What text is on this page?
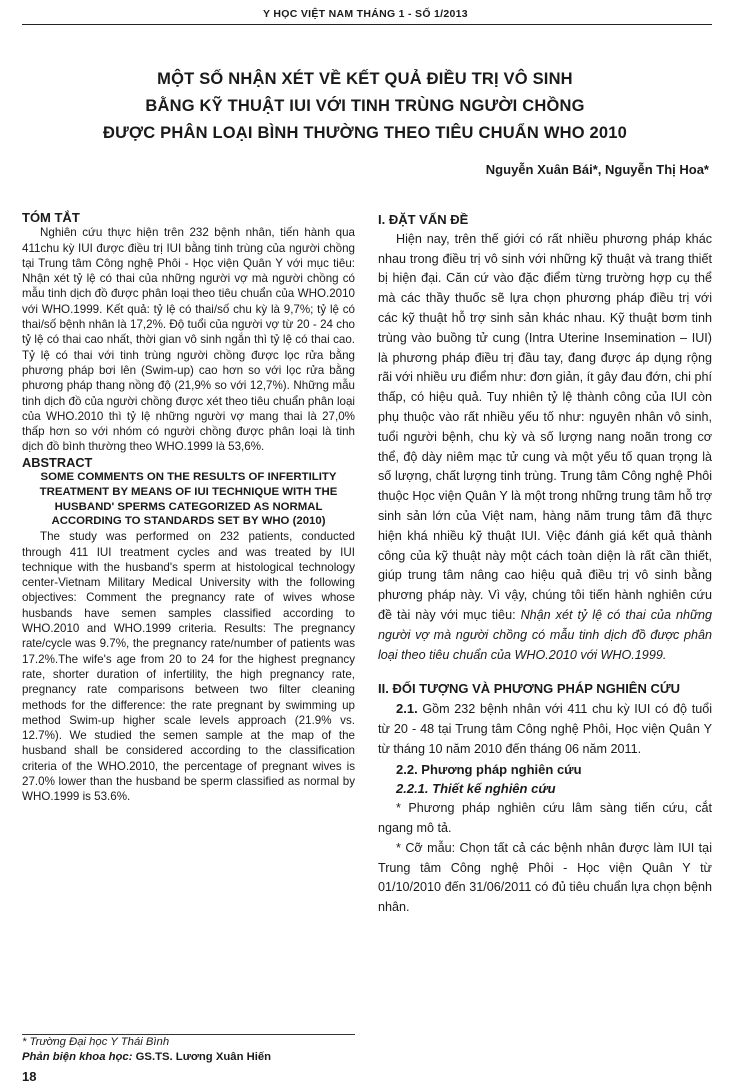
Y HỌC VIỆT NAM THÁNG 1 - SỐ 1/2013
MỘT SỐ NHẬN XÉT VỀ KẾT QUẢ ĐIỀU TRỊ VÔ SINH
BẰNG KỸ THUẬT IUI VỚI TINH TRÙNG NGƯỜI CHỒNG
ĐƯỢC PHÂN LOẠI BÌNH THƯỜNG THEO TIÊU CHUẨN WHO 2010
Nguyễn Xuân Bái*, Nguyễn Thị Hoa*

TÓM TẮT

Nghiên cứu thực hiện trên 232 bệnh nhân, tiến hành qua 411chu kỳ IUI được điều trị IUI bằng tinh trùng của người chồng tại Trung tâm Công nghệ Phôi - Học viện Quân Y với mục tiêu: Nhận xét tỷ lệ có thai của những người vợ mà người chồng có mẫu tinh dịch đồ được phân loại theo tiêu chuẩn của WHO.2010 với WHO.1999. Kết quả: tỷ lệ có thai/số chu kỳ là 9,7%; tỷ lệ có thai/số bệnh nhân là 17,2%. Độ tuổi của người vợ từ 20 - 24 cho tỷ lệ có thai cao nhất, thời gian vô sinh ngắn thì tỷ lệ có thai cao. Tỷ lệ có thai với tinh trùng người chồng được lọc rửa bằng phương pháp bơi lên (Swim-up) cao hơn so với lọc rửa bằng phương pháp thang nồng độ (21,9% so với 12,7%). Những mẫu tinh dịch đồ của người chồng được xét theo tiêu chuẩn phân loại của WHO.2010 thì tỷ lệ những người vợ mang thai là 27,0% thấp hơn so với nhóm có người chồng được phân loại là tinh dịch đồ bình thường theo WHO.1999 là 53,6%.

ABSTRACT

SOME COMMENTS ON THE RESULTS OF INFERTILITY TREATMENT BY MEANS OF IUI TECHNIQUE WITH THE HUSBAND' SPERMS CATEGORIZED AS NORMAL ACCORDING TO STANDARDS SET BY WHO (2010)

The study was performed on 232 patients, conducted through 411 IUI treatment cycles and was treated by IUI technique with the husband's sperm at histological technology center-Vietnam Military Medical University with the following objectives: Comment the pregnancy rate of wives whose husbands have semen samples classified according to WHO.2010 and WHO.1999 criteria. Results: The pregnancy rate/cycle was 9.7%, the pregnancy rate/number of patients was 17.2%.The wife's age from 20 to 24 for the highest pregnancy rate, shorter duration of infertility, the high pregnancy rate, pregnancy rate comparisons between two filter cleaning methods for the difference: the rate pregnant by swimming up method Swim-up higher scale levels approach (21.9% vs. 12.7%). We studied the semen sample at the map of the husband shall be considered according to the classification criteria of the WHO.2010, the percentage of pregnant wives is 27.0% lower than the husband be sperm classified as normal by WHO.1999 is 53.6%.

I. ĐẶT VẤN ĐỀ

Hiện nay, trên thế giới có rất nhiều phương pháp khác nhau trong điều trị vô sinh với những kỹ thuật và trang thiết bị hiện đại. Căn cứ vào đặc điểm từng trường hợp cụ thể mà các thầy thuốc sẽ lựa chọn phương pháp điều trị với các kỹ thuật hỗ trợ sinh sản khác nhau. Kỹ thuật bơm tinh trùng vào buồng tử cung (Intra Uterine Insemination – IUI) là phương pháp điều trị đầu tay, đang được áp dụng rộng rãi với nhiều ưu điểm như: đơn giản, ít gây đau đớn, chi phí thấp, có hiệu quả. Tuy nhiên tỷ lệ thành công của IUI còn phụ thuộc vào rất nhiều yếu tố như: nguyên nhân vô sinh, tuổi người bệnh, chu kỳ và số lượng nang noãn trong cơ thể, độ dày niêm mạc tử cung và một yếu tố quan trọng là số lượng, chất lượng tinh trùng. Trung tâm Công nghệ Phôi thuộc Học viện Quân Y là một trong những trung tâm hỗ trợ sinh sản lớn của Việt nam, hàng năm trung tâm đã thực hiện khá nhiều kỹ thuật IUI. Việc đánh giá kết quả thành công của kỹ thuật này một cách toàn diện là rất cần thiết, giúp trung tâm nâng cao hiệu quả điều trị vô sinh bằng phương pháp này. Vì vậy, chúng tôi tiến hành nghiên cứu đề tài này với mục tiêu: Nhận xét tỷ lệ có thai của những người vợ mà người chồng có mẫu tinh dịch đồ được phân loại theo tiêu chuẩn của WHO.2010 với WHO.1999.

II. ĐỐI TƯỢNG VÀ PHƯƠNG PHÁP NGHIÊN CỨU

2.1. Gồm 232 bệnh nhân với 411 chu kỳ IUI có độ tuổi từ 20 - 48 tại Trung tâm Công nghệ Phôi, Học viện Quân Y từ tháng 10 năm 2010 đến tháng 06 năm 2011.

2.2. Phương pháp nghiên cứu

2.2.1. Thiết kế nghiên cứu

* Phương pháp nghiên cứu lâm sàng tiến cứu, cắt ngang mô tả.

* Cỡ mẫu: Chọn tất cả các bệnh nhân được làm IUI tại Trung tâm Công nghệ Phôi - Học viện Quân Y từ 01/10/2010 đến 31/06/2011 có đủ tiêu chuẩn lựa chọn bệnh nhân.

* Trường Đại học Y Thái Bình
Phản biện khoa học: GS.TS. Lương Xuân Hiến
18
